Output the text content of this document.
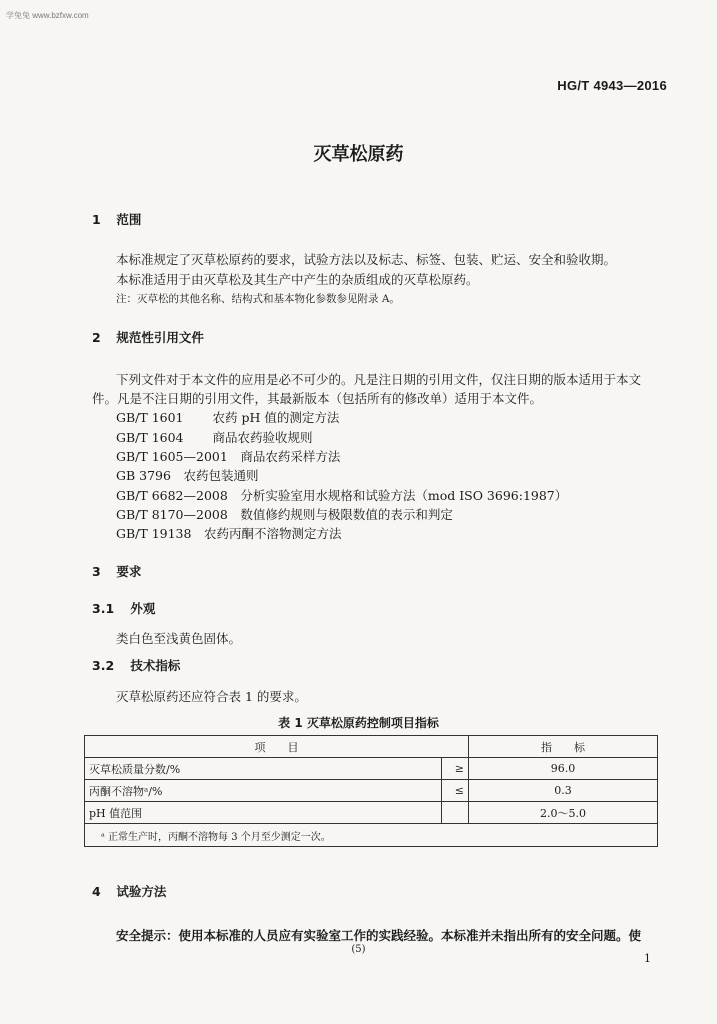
学兔兔 www.bzfxw.com
HG/T 4943—2016
灭草松原药
1 范围
本标准规定了灭草松原药的要求，试验方法以及标志、标签、包装、贮运、安全和验收期。
本标准适用于由灭草松及其生产中产生的杂质组成的灭草松原药。
注：灭草松的其他名称、结构式和基本物化参数参见附录 A。
2 规范性引用文件
下列文件对于本文件的应用是必不可少的。凡是注日期的引用文件，仅注日期的版本适用于本文
件。凡是不注日期的引用文件，其最新版本（包括所有的修改单）适用于本文件。
GB/T 1601　 农药 pH 值的测定方法
GB/T 1604　 商品农药验收规则
GB/T 1605—2001　 商品农药采样方法
GB 3796　 农药包装通则
GB/T 6682—2008　 分析实验室用水规格和试验方法（mod ISO 3696:1987）
GB/T 8170—2008　 数值修约规则与极限数值的表示和判定
GB/T 19138　 农药丙酮不溶物测定方法
3 要求
3.1 外观
类白色至浅黄色固体。
3.2 技术指标
灭草松原药还应符合表 1 的要求。
表 1 灭草松原药控制项目指标
项　　目		指　　标
灭草松质量分数/%	≥	96.0
丙酮不溶物ᵃ/%	≤	0.3
pH 值范围		2.0～5.0
ᵃ 正常生产时，丙酮不溶物每 3 个月至少测定一次。		
4 试验方法
安全提示：使用本标准的人员应有实验室工作的实践经验。本标准并未指出所有的安全问题。使
(5)
1
